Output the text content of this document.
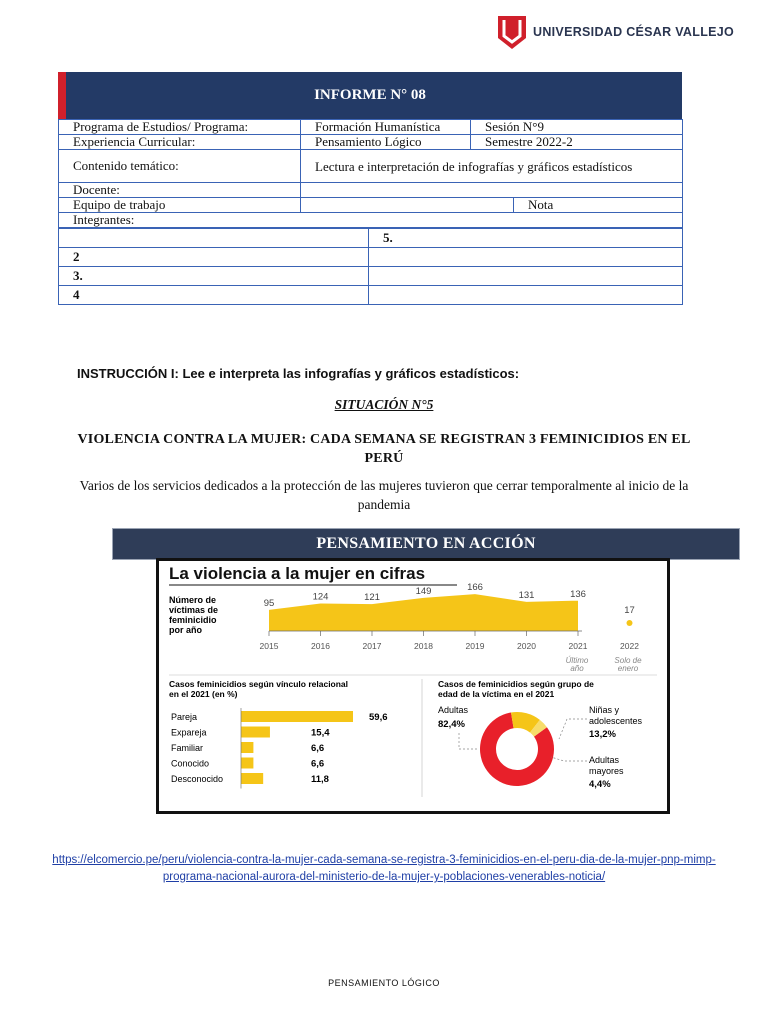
UNIVERSIDAD CÉSAR VALLEJO
INFORME N° 08
Programa de Estudios/ Programa:	Formación Humanística	Sesión N°9	
Experiencia Curricular:	Pensamiento Lógico	Semestre 2022-2	
Contenido temático:	Lectura e interpretación de infografías y gráficos estadísticos		
Docente:			
Equipo de trabajo			Nota
Integrantes:			
	5.
2	
3.	
4	
INSTRUCCIÓN I: Lee e interpreta las infografías y gráficos estadísticos:
SITUACIÓN N°5
VIOLENCIA CONTRA LA MUJER: CADA SEMANA SE REGISTRAN 3 FEMINICIDIOS EN EL PERÚ
Varios de los servicios dedicados a la protección de las mujeres tuvieron que cerrar temporalmente al inicio de la pandemia
PENSAMIENTO EN ACCIÓN
La violencia a la mujer en cifras
Número de
víctimas de
feminicidio
por año
Último
año
Solo de
enero
2015
95
2016
124
2017
121
2018
149
2019
166
2020
131
2021
136
2022
17
Casos feminicidios según vínculo relacional
en el 2021 (en %)
Pareja	59,6
Expareja	15,4
Familiar	6,6
Conocido	6,6
Desconocido	11,8
Casos de feminicidios según grupo de
edad de la víctima en el 2021
Adultas
82,4%
Niñas y
adolescentes
13,2%
Adultas
mayores
4,4%
https://elcomercio.pe/peru/violencia-contra-la-mujer-cada-semana-se-registra-3-feminicidios-en-el-peru-dia-de-la-mujer-pnp-mimp-programa-nacional-aurora-del-ministerio-de-la-mujer-y-poblaciones-venerables-noticia/
PENSAMIENTO LÓGICO
